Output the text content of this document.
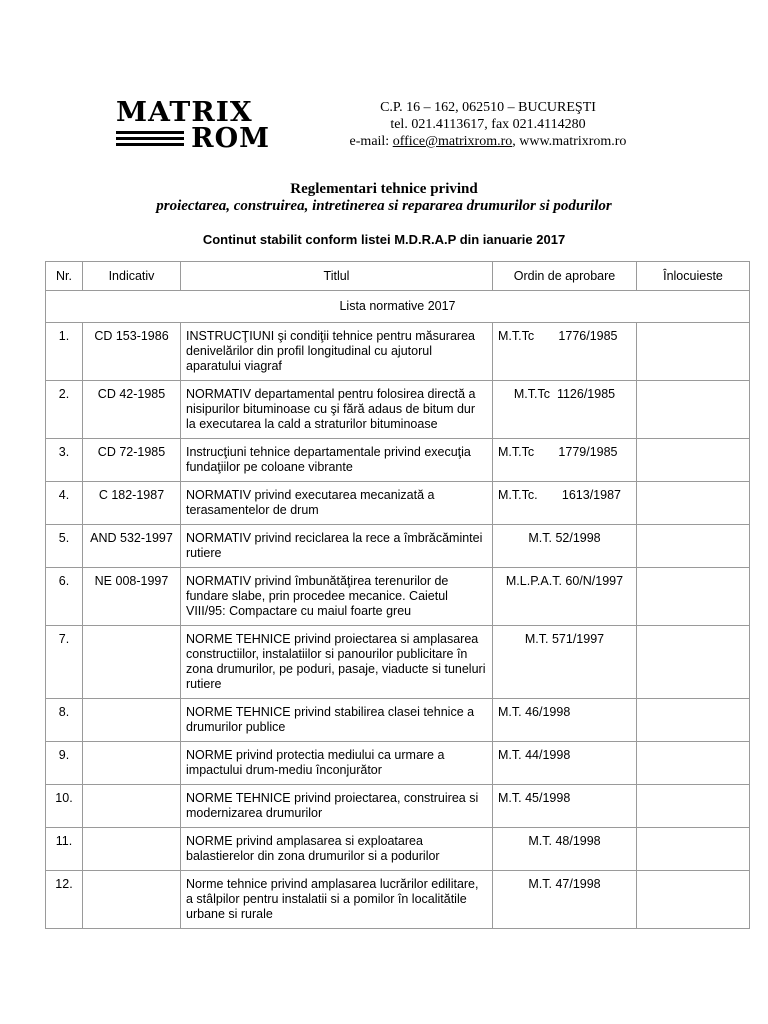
MATRIX
ROM
C.P. 16 – 162, 062510 – BUCUREŞTI
tel. 021.4113617, fax 021.4114280
e-mail: office@matrixrom.ro, www.matrixrom.ro
Reglementari tehnice privind
proiectarea, construirea, intretinerea si repararea drumurilor si podurilor
Continut stabilit conform listei M.D.R.A.P din ianuarie 2017
Nr.	Indicativ	Titlul	Ordin de aprobare	Înlocuieste
Lista normative 2017				
1.	CD 153-1986	INSTRUCŢIUNI şi condiţii tehnice pentru măsurarea denivelărilor din profil longitudinal cu ajutorul aparatului viagraf	M.T.Tc       1776/1985	
2.	CD 42-1985	NORMATIV departamental pentru folosirea directă a nisipurilor bituminoase cu şi fără adaus de bitum dur la executarea la cald a straturilor bituminoase	M.T.Tc  1126/1985	
3.	CD 72-1985	Instrucţiuni tehnice departamentale privind execuţia fundaţiilor pe coloane vibrante	M.T.Tc       1779/1985	
4.	C 182-1987	NORMATIV privind executarea mecanizată a terasamentelor de drum	M.T.Tc.       1613/1987	
5.	AND 532-1997	NORMATIV privind reciclarea la rece a îmbrăcămintei rutiere	M.T. 52/1998	
6.	NE 008-1997	NORMATIV privind îmbunătăţirea terenurilor de fundare slabe, prin procedee mecanice. Caietul VIII/95: Compactare cu maiul foarte greu	M.L.P.A.T. 60/N/1997	
7.		NORME TEHNICE privind proiectarea si amplasarea constructiilor, instalatiilor si panourilor publicitare în zona drumurilor, pe poduri, pasaje, viaducte si tuneluri rutiere	M.T. 571/1997	
8.		NORME TEHNICE privind stabilirea clasei tehnice a drumurilor publice	M.T. 46/1998	
9.		NORME privind protectia mediului ca urmare a impactului drum-mediu înconjurător	M.T. 44/1998	
10.		NORME TEHNICE privind proiectarea, construirea si modernizarea drumurilor	M.T. 45/1998	
11.		NORME privind amplasarea si exploatarea balastierelor din zona drumurilor si a podurilor	M.T. 48/1998	
12.		Norme tehnice privind amplasarea lucrărilor edilitare, a stâlpilor pentru instalatii si a pomilor în localitătile urbane si rurale	M.T. 47/1998	
